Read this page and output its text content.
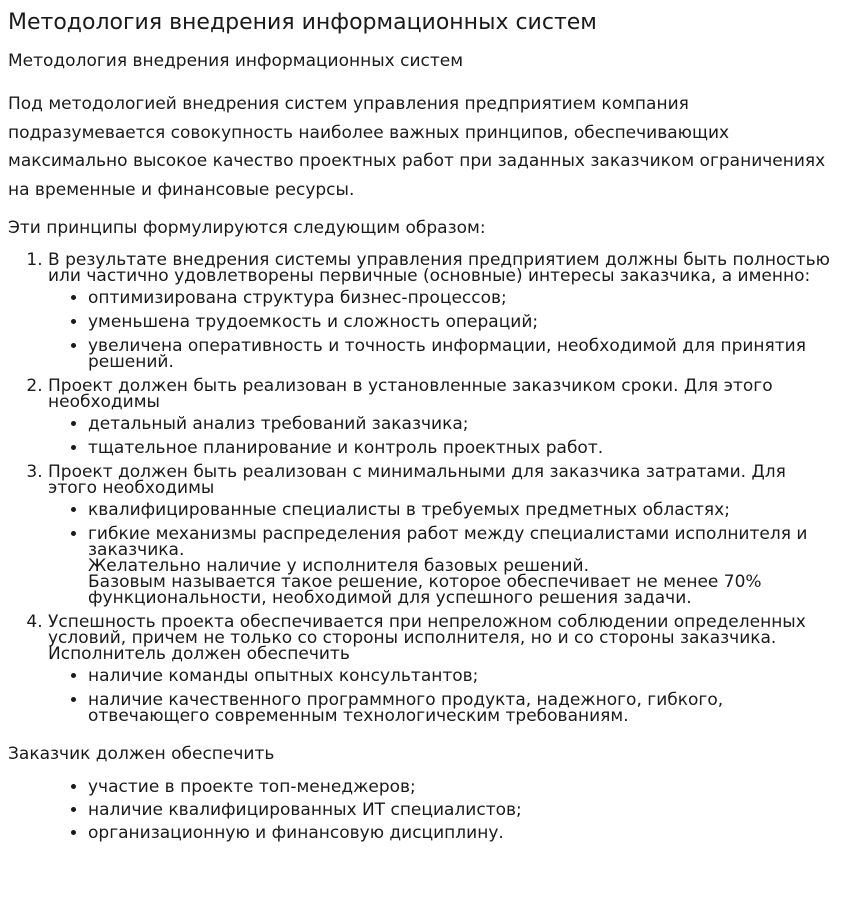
Методология внедрения информационных систем

Методология внедрения информационных систем

Под методологией внедрения систем управления предприятием компания подразумевается совокупность наиболее важных принципов, обеспечивающих максимально высокое качество проектных работ при заданных заказчиком ограничениях на временные и финансовые ресурсы.

Эти принципы формулируются следующим образом:

1. В результате внедрения системы управления предприятием должны быть полностью или частично удовлетворены первичные (основные) интересы заказчика, а именно:
• оптимизирована структура бизнес-процессов;
• уменьшена трудоемкость и сложность операций;
• увеличена оперативность и точность информации, необходимой для принятия решений.
2. Проект должен быть реализован в установленные заказчиком сроки. Для этого необходимы
• детальный анализ требований заказчика;
• тщательное планирование и контроль проектных работ.
3. Проект должен быть реализован с минимальными для заказчика затратами. Для этого необходимы
• квалифицированные специалисты в требуемых предметных областях;
• гибкие механизмы распределения работ между специалистами исполнителя и заказчика.
Желательно наличие у исполнителя базовых решений.
Базовым называется такое решение, которое обеспечивает не менее 70% функциональности, необходимой для успешного решения задачи.
4. Успешность проекта обеспечивается при непреложном соблюдении определенных условий, причем не только со стороны исполнителя, но и со стороны заказчика. Исполнитель должен обеспечить
• наличие команды опытных консультантов;
• наличие качественного программного продукта, надежного, гибкого, отвечающего современным технологическим требованиям.

Заказчик должен обеспечить

• участие в проекте топ-менеджеров;
• наличие квалифицированных ИТ специалистов;
• организационную и финансовую дисциплину.
